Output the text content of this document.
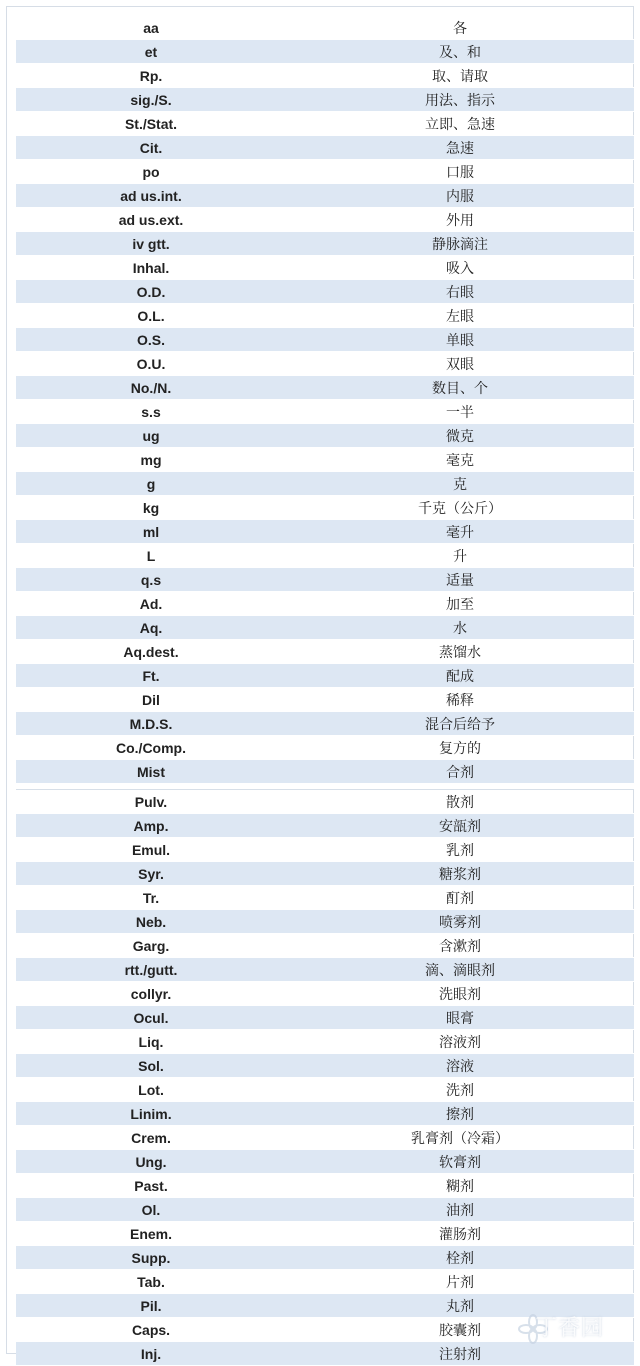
aa	各
et	及、和
Rp.	取、请取
sig./S.	用法、指示
St./Stat.	立即、急速
Cit.	急速
po	口服
ad us.int.	内服
ad us.ext.	外用
iv gtt.	静脉滴注
Inhal.	吸入
O.D.	右眼
O.L.	左眼
O.S.	单眼
O.U.	双眼
No./N.	数目、个
s.s	一半
ug	微克
mg	毫克
g	克
kg	千克（公斤）
ml	毫升
L	升
q.s	适量
Ad.	加至
Aq.	水
Aq.dest.	蒸馏水
Ft.	配成
Dil	稀释
M.D.S.	混合后给予
Co./Comp.	复方的
Mist	合剂

Pulv.	散剂
Amp.	安瓿剂
Emul.	乳剂
Syr.	糖浆剂
Tr.	酊剂
Neb.	喷雾剂
Garg.	含漱剂
rtt./gutt.	滴、滴眼剂
collyr.	洗眼剂
Ocul.	眼膏
Liq.	溶液剂
Sol.	溶液
Lot.	洗剂
Linim.	擦剂
Crem.	乳膏剂（冷霜）
Ung.	软膏剂
Past.	糊剂
Ol.	油剂
Enem.	灌肠剂
Supp.	栓剂
Tab.	片剂
Pil.	丸剂
Caps.	胶囊剂
Inj.	注射剂
丁香园
